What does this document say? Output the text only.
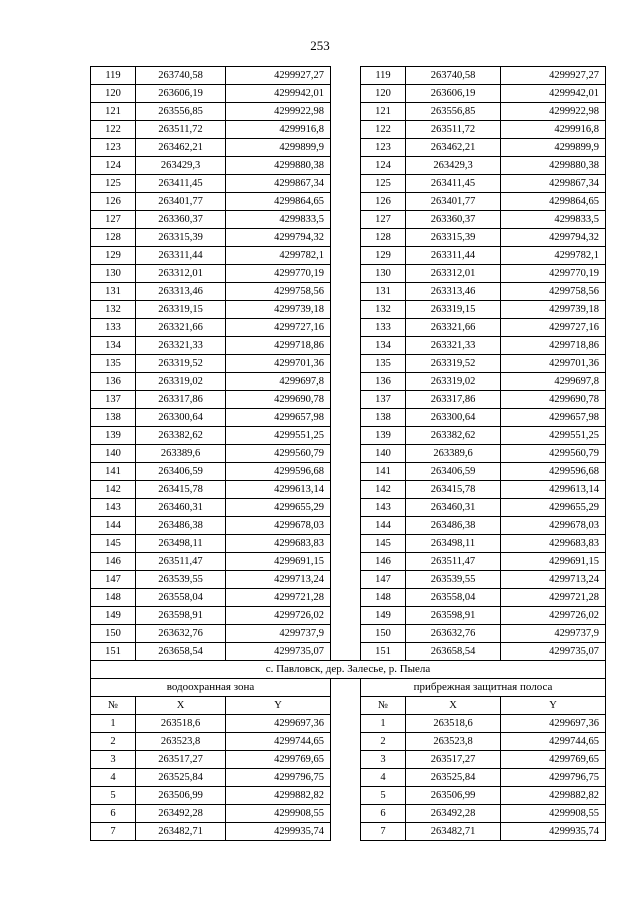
253
119	263740,58	4299927,27		119	263740,58	4299927,27
120	263606,19	4299942,01		120	263606,19	4299942,01
121	263556,85	4299922,98		121	263556,85	4299922,98
122	263511,72	4299916,8		122	263511,72	4299916,8
123	263462,21	4299899,9		123	263462,21	4299899,9
124	263429,3	4299880,38		124	263429,3	4299880,38
125	263411,45	4299867,34		125	263411,45	4299867,34
126	263401,77	4299864,65		126	263401,77	4299864,65
127	263360,37	4299833,5		127	263360,37	4299833,5
128	263315,39	4299794,32		128	263315,39	4299794,32
129	263311,44	4299782,1		129	263311,44	4299782,1
130	263312,01	4299770,19		130	263312,01	4299770,19
131	263313,46	4299758,56		131	263313,46	4299758,56
132	263319,15	4299739,18		132	263319,15	4299739,18
133	263321,66	4299727,16		133	263321,66	4299727,16
134	263321,33	4299718,86		134	263321,33	4299718,86
135	263319,52	4299701,36		135	263319,52	4299701,36
136	263319,02	4299697,8		136	263319,02	4299697,8
137	263317,86	4299690,78		137	263317,86	4299690,78
138	263300,64	4299657,98		138	263300,64	4299657,98
139	263382,62	4299551,25		139	263382,62	4299551,25
140	263389,6	4299560,79		140	263389,6	4299560,79
141	263406,59	4299596,68		141	263406,59	4299596,68
142	263415,78	4299613,14		142	263415,78	4299613,14
143	263460,31	4299655,29		143	263460,31	4299655,29
144	263486,38	4299678,03		144	263486,38	4299678,03
145	263498,11	4299683,83		145	263498,11	4299683,83
146	263511,47	4299691,15		146	263511,47	4299691,15
147	263539,55	4299713,24		147	263539,55	4299713,24
148	263558,04	4299721,28		148	263558,04	4299721,28
149	263598,91	4299726,02		149	263598,91	4299726,02
150	263632,76	4299737,9		150	263632,76	4299737,9
151	263658,54	4299735,07		151	263658,54	4299735,07
с. Павловск, дер. Залесье, р. Пыела						
водоохранная зона				прибрежная защитная полоса		
№	X	Y		№	X	Y
1	263518,6	4299697,36		1	263518,6	4299697,36
2	263523,8	4299744,65		2	263523,8	4299744,65
3	263517,27	4299769,65		3	263517,27	4299769,65
4	263525,84	4299796,75		4	263525,84	4299796,75
5	263506,99	4299882,82		5	263506,99	4299882,82
6	263492,28	4299908,55		6	263492,28	4299908,55
7	263482,71	4299935,74		7	263482,71	4299935,74
